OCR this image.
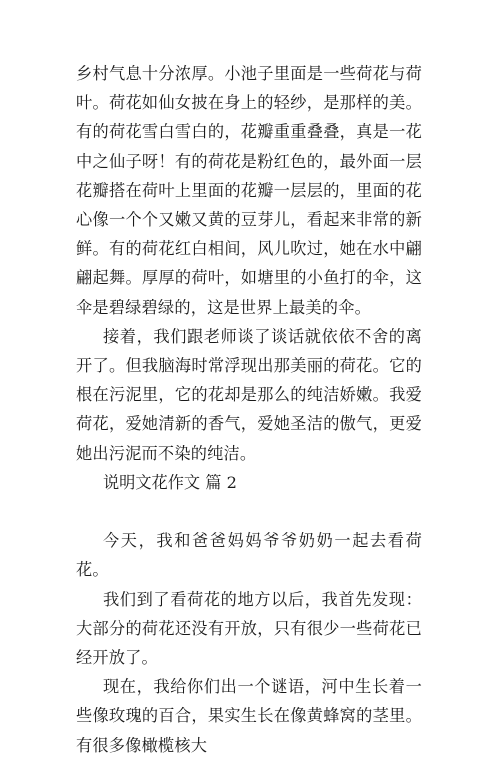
乡村气息十分浓厚。小池子里面是一些荷花与荷叶。荷花如仙女披在身上的轻纱，是那样的美。有的荷花雪白雪白的，花瓣重重叠叠，真是一花中之仙子呀！有的荷花是粉红色的，最外面一层花瓣搭在荷叶上里面的花瓣一层层的，里面的花心像一个个又嫩又黄的豆芽儿，看起来非常的新鲜。有的荷花红白相间，风儿吹过，她在水中翩翩起舞。厚厚的荷叶，如塘里的小鱼打的伞，这伞是碧绿碧绿的，这是世界上最美的伞。

接着，我们跟老师谈了谈话就依依不舍的离开了。但我脑海时常浮现出那美丽的荷花。它的根在污泥里，它的花却是那么的纯洁娇嫩。我爱荷花，爱她清新的香气，爱她圣洁的傲气，更爱她出污泥而不染的纯洁。

说明文花作文 篇 2

今天，我和爸爸妈妈爷爷奶奶一起去看荷花。

我们到了看荷花的地方以后，我首先发现：大部分的荷花还没有开放，只有很少一些荷花已经开放了。

现在，我给你们出一个谜语，河中生长着一些像玫瑰的百合，果实生长在像黄蜂窝的茎里。有很多像橄榄核大
